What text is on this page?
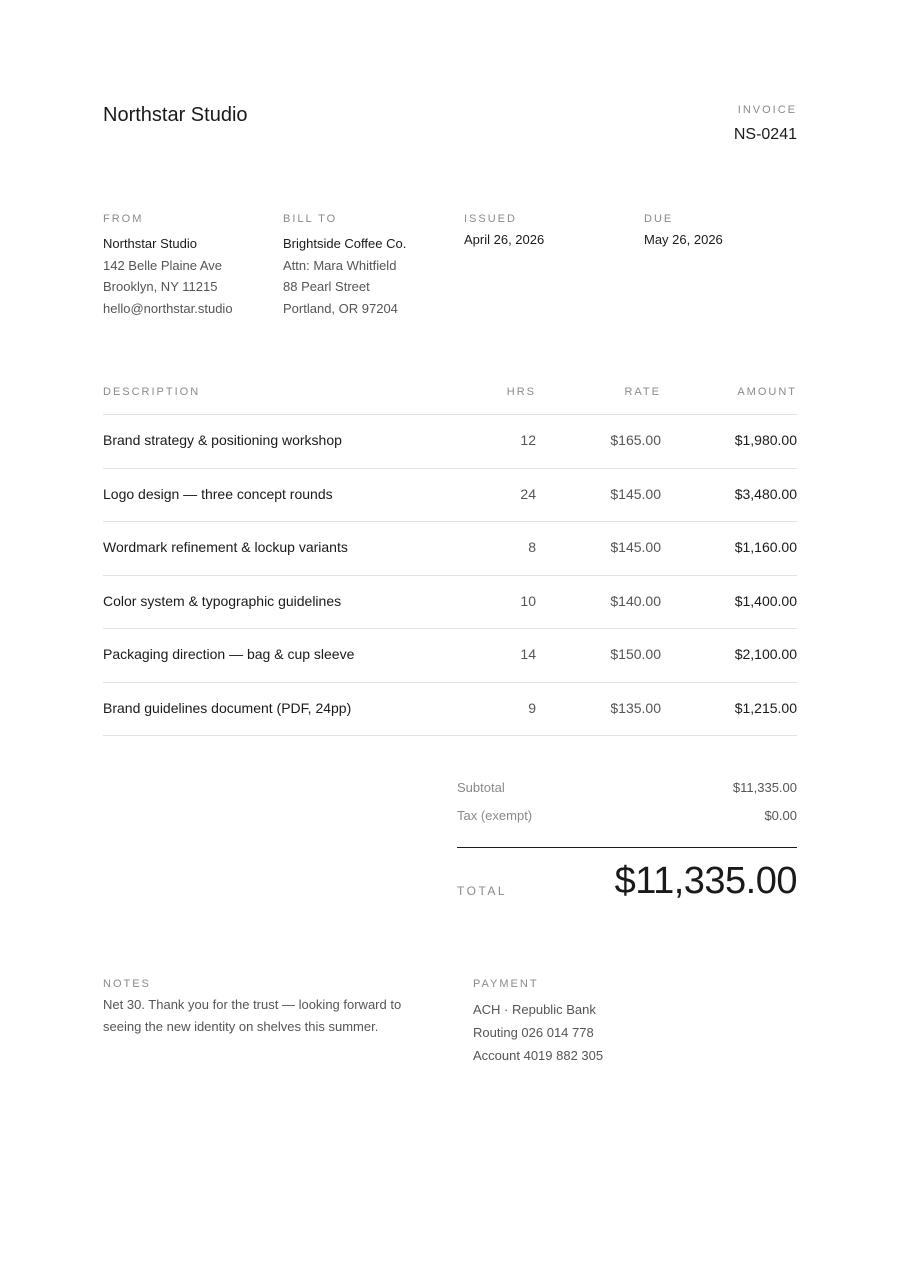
Northstar Studio	INVOICE
NS-0241
FROM
Northstar Studio
142 Belle Plaine Ave
Brooklyn, NY 11215
hello@northstar.studio
BILL TO
Brightside Coffee Co.
Attn: Mara Whitfield
88 Pearl Street
Portland, OR 97204
ISSUED
April 26, 2026
DUE
May 26, 2026
DESCRIPTION	HRS	RATE	AMOUNT
Brand strategy & positioning workshop	12	$165.00	$1,980.00
Logo design — three concept rounds	24	$145.00	$3,480.00
Wordmark refinement & lockup variants	8	$145.00	$1,160.00
Color system & typographic guidelines	10	$140.00	$1,400.00
Packaging direction — bag & cup sleeve	14	$150.00	$2,100.00
Brand guidelines document (PDF, 24pp)	9	$135.00	$1,215.00
Subtotal	$11,335.00
Tax (exempt)	$0.00
TOTAL	$11,335.00
NOTES
Net 30. Thank you for the trust — looking forward to seeing the new identity on shelves this summer.
PAYMENT
ACH · Republic Bank
Routing 026 014 778
Account 4019 882 305
